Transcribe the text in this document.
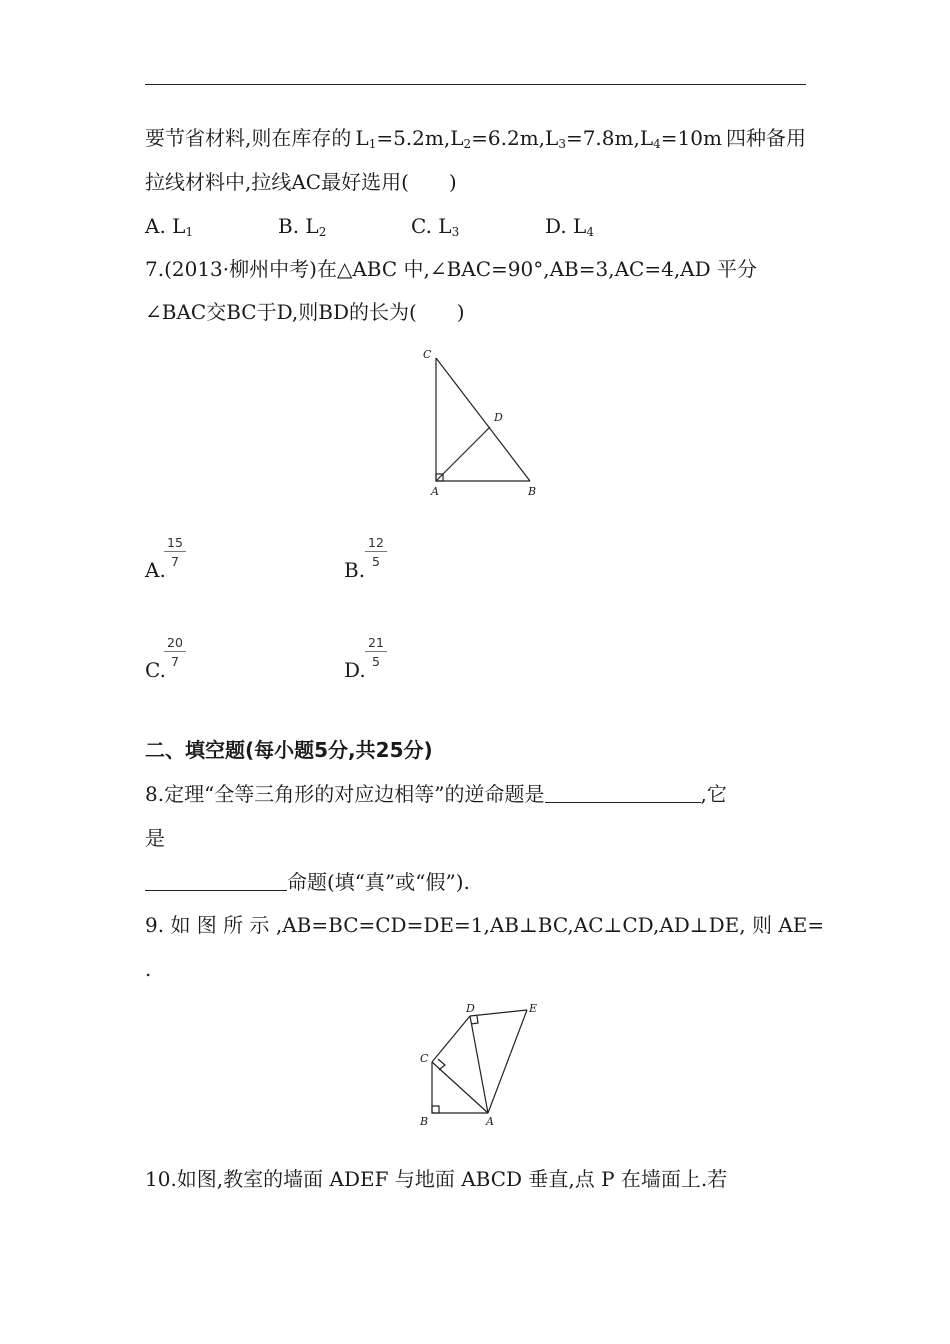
要节省材料,则在库存的 $L_1=5.2m,L_2=6.2m,L_3=7.8m,L_4=10m$ 四种备用
拉线材料中,拉线AC最好选用(　　)
A. $L_1$	B. $L_2$	C. $L_3$	D. $L_4$
7.(2013·柳州中考)在△ABC 中,∠BAC=90°,AB=3,AC=4,AD 平分
∠BAC交BC于D,则BD的长为(　　)
C
D
A	B
A.
$\frac{15}{7}$
B.
$\frac{12}{5}$
C.
$\frac{20}{7}$
D.
$\frac{21}{5}$
二、填空题(每小题5分,共25分)
8.定理“全等三角形的对应边相等”的逆命题是	,它
是
命题(填“真”或“假”).
9. 如 图 所 示 ,AB=BC=CD=DE=1,AB⊥BC,AC⊥CD,AD⊥DE, 则 AE=
.
D	E
C
B	A
10.如图,教室的墙面 ADEF 与地面 ABCD 垂直,点 P 在墙面上.若
